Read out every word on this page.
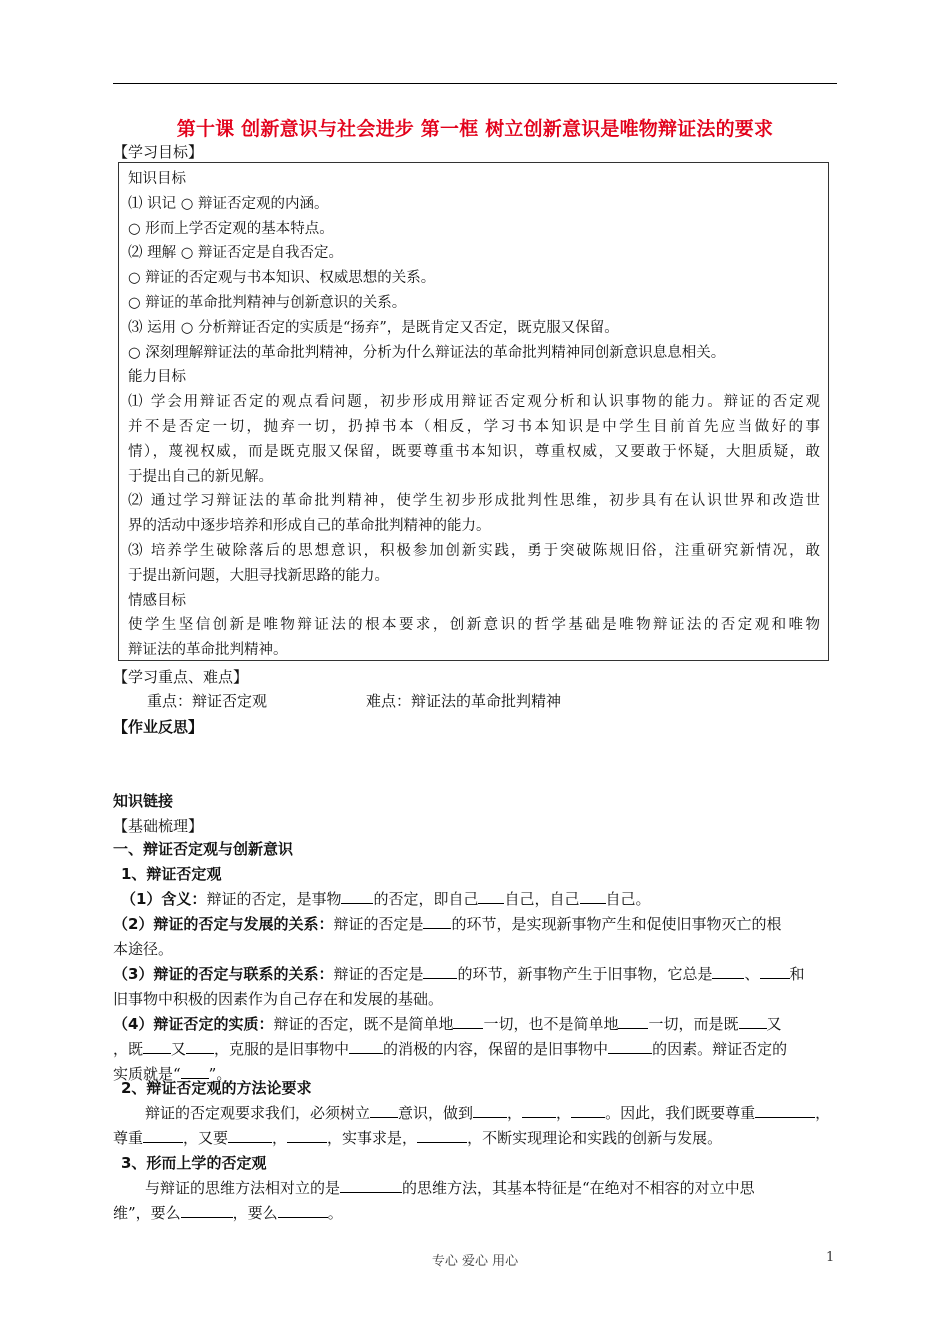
第十课 创新意识与社会进步 第一框 树立创新意识是唯物辩证法的要求
【学习目标】
知识目标
⑴ 识记 ○ 辩证否定观的内涵。
○ 形而上学否定观的基本特点。
⑵ 理解 ○ 辩证否定是自我否定。
○ 辩证的否定观与书本知识、权威思想的关系。
○ 辩证的革命批判精神与创新意识的关系。
⑶ 运用 ○ 分析辩证否定的实质是“扬弃”，是既肯定又否定，既克服又保留。
○ 深刻理解辩证法的革命批判精神，分析为什么辩证法的革命批判精神同创新意识息息相关。
能力目标
⑴ 学会用辩证否定的观点看问题，初步形成用辩证否定观分析和认识事物的能力。辩证的否定观
并不是否定一切，抛弃一切，扔掉书本（相反，学习书本知识是中学生目前首先应当做好的事
情），蔑视权威，而是既克服又保留，既要尊重书本知识，尊重权威，又要敢于怀疑，大胆质疑，敢
于提出自己的新见解。
⑵ 通过学习辩证法的革命批判精神，使学生初步形成批判性思维，初步具有在认识世界和改造世
界的活动中逐步培养和形成自己的革命批判精神的能力。
⑶ 培养学生破除落后的思想意识，积极参加创新实践，勇于突破陈规旧俗，注重研究新情况，敢
于提出新问题，大胆寻找新思路的能力。
情感目标
使学生坚信创新是唯物辩证法的根本要求，创新意识的哲学基础是唯物辩证法的否定观和唯物
辩证法的革命批判精神。
【学习重点、难点】
重点：辩证否定观	难点：辩证法的革命批判精神
【作业反思】
知识链接
【基础梳理】
一、辩证否定观与创新意识
1、辩证否定观
（1）含义：辩证的否定，是事物 的否定，即自己 自己，自己 自己。
（2）辩证的否定与发展的关系：辩证的否定是 的环节，是实现新事物产生和促使旧事物灭亡的根
本途径。
（3）辩证的否定与联系的关系：辩证的否定是 的环节，新事物产生于旧事物，它总是 、 和
旧事物中积极的因素作为自己存在和发展的基础。
（4）辩证否定的实质：辩证的否定，既不是简单地 一切，也不是简单地 一切，而是既 又
，既 又 ，克服的是旧事物中 的消极的内容，保留的是旧事物中	的因素。辩证否定的
实质就是“ ”。
2、辩证否定观的方法论要求
辩证的否定观要求我们，必须树立 意识，做到 ， ， 。因此，我们既要尊重	，
尊重	，又要	，	，实事求是，	，不断实现理论和实践的创新与发展。
3、形而上学的否定观
与辩证的思维方法相对立的是	的思维方法，其基本特征是“在绝对不相容的对立中思
维”，要么	，要么	。
专心 爱心 用心	1
